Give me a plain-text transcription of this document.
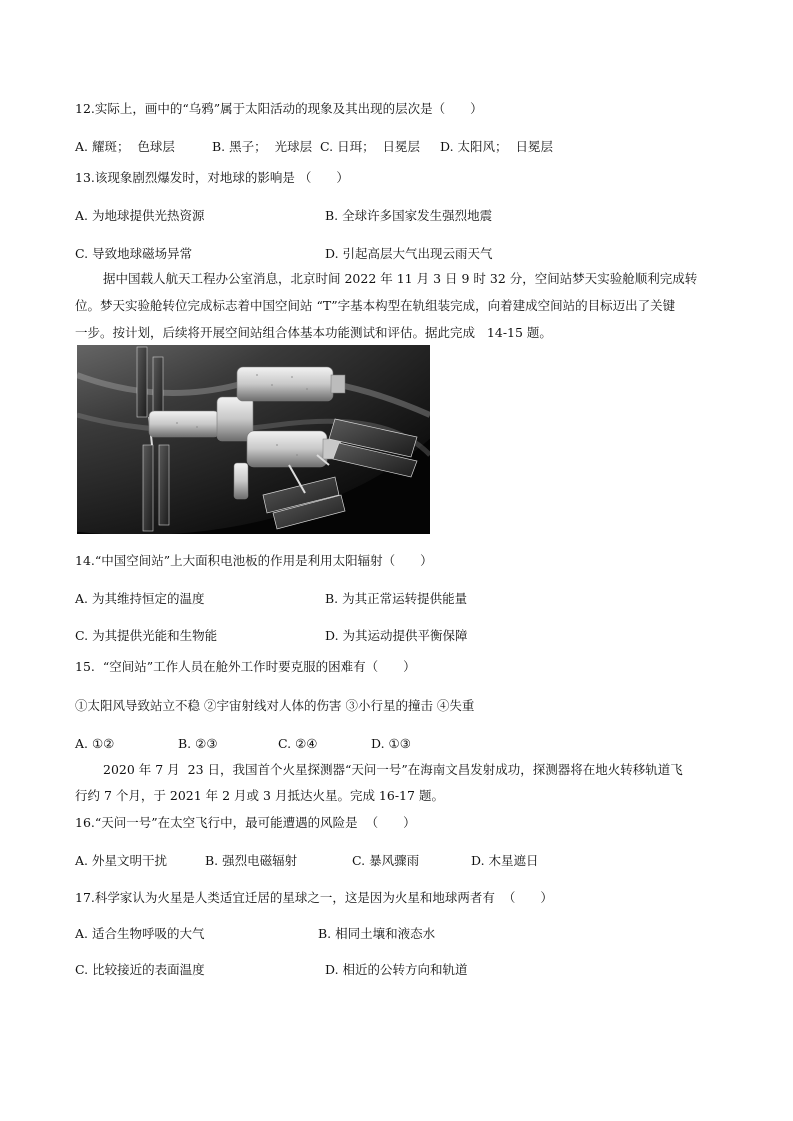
12.实际上，画中的“乌鸦”属于太阳活动的现象及其出现的层次是（　　）
A. 耀斑；  色球层	B. 黑子；  光球层 C. 日珥；  日冕层 D. 太阳风；  日冕层
13.该现象剧烈爆发时，对地球的影响是 （　　）
A. 为地球提供光热资源	B. 全球许多国家发生强烈地震
C. 导致地球磁场异常	D. 引起高层大气出现云雨天气
据中国载人航天工程办公室消息，北京时间 2022 年 11 月 3 日 9 时 32 分，空间站梦天实验舱顺利完成转
位。梦天实验舱转位完成标志着中国空间站 “T”字基本构型在轨组装完成，向着建成空间站的目标迈出了关键
一步。按计划，后续将开展空间站组合体基本功能测试和评估。据此完成   14-15 题。
14.“中国空间站”上大面积电池板的作用是利用太阳辐射（　　）
A. 为其维持恒定的温度	B. 为其正常运转提供能量
C. 为其提供光能和生物能	D. 为其运动提供平衡保障
15.  “空间站”工作人员在舱外工作时要克服的困难有（　　）
①太阳风导致站立不稳 ②宇宙射线对人体的伤害 ③小行星的撞击 ④失重
A. ①②	B. ②③	C. ②④	D. ①③
2020 年 7 月  23 日，我国首个火星探测器“天问一号”在海南文昌发射成功，探测器将在地火转移轨道飞
行约 7 个月，于 2021 年 2 月或 3 月抵达火星。完成 16-17 题。
16.“天问一号”在太空飞行中，最可能遭遇的风险是  （　　）
A. 外星文明干扰	B. 强烈电磁辐射	C. 暴风骤雨	D. 木星遮日
17.科学家认为火星是人类适宜迁居的星球之一，这是因为火星和地球两者有  （　　）
A. 适合生物呼吸的大气	B. 相同土壤和液态水
C. 比较接近的表面温度	D. 相近的公转方向和轨道
